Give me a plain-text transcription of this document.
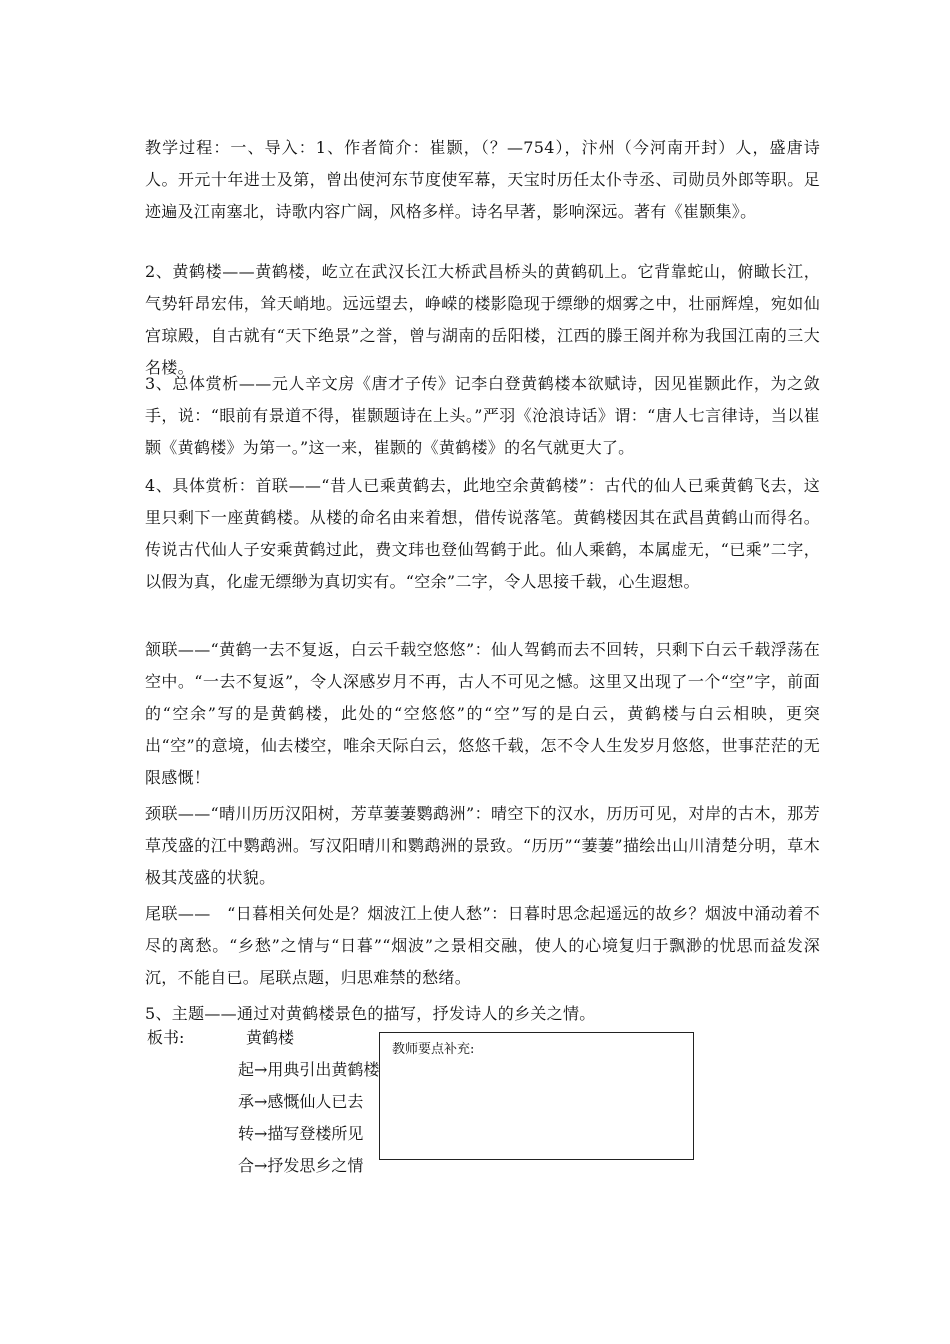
教学过程：一、导入：1、作者简介：崔颢，（？—754），汴州（今河南开封）人，盛唐诗人。开元十年进士及第，曾出使河东节度使军幕，天宝时历任太仆寺丞、司勋员外郎等职。足迹遍及江南塞北，诗歌内容广阔，风格多样。诗名早著，影响深远。著有《崔颢集》。

2、黄鹤楼——黄鹤楼，屹立在武汉长江大桥武昌桥头的黄鹤矶上。它背靠蛇山，俯瞰长江，气势轩昂宏伟，耸天峭地。远远望去，峥嵘的楼影隐现于缥缈的烟雾之中，壮丽辉煌，宛如仙宫琼殿，自古就有“天下绝景”之誉，曾与湖南的岳阳楼，江西的滕王阁并称为我国江南的三大名楼。

3、总体赏析——元人辛文房《唐才子传》记李白登黄鹤楼本欲赋诗，因见崔颢此作，为之敛手，说：“眼前有景道不得，崔颢题诗在上头。”严羽《沧浪诗话》谓：“唐人七言律诗，当以崔颢《黄鹤楼》为第一。”这一来，崔颢的《黄鹤楼》的名气就更大了。

4、具体赏析：首联——“昔人已乘黄鹤去，此地空余黄鹤楼”：古代的仙人已乘黄鹤飞去，这里只剩下一座黄鹤楼。从楼的命名由来着想，借传说落笔。黄鹤楼因其在武昌黄鹤山而得名。传说古代仙人子安乘黄鹤过此，费文玮也登仙驾鹤于此。仙人乘鹤，本属虚无，“已乘”二字，以假为真，化虚无缥缈为真切实有。“空余”二字，令人思接千载，心生遐想。

颔联——“黄鹤一去不复返，白云千载空悠悠”：仙人驾鹤而去不回转，只剩下白云千载浮荡在空中。“一去不复返”，令人深感岁月不再，古人不可见之憾。这里又出现了一个“空”字，前面的“空余”写的是黄鹤楼，此处的“空悠悠”的“空”写的是白云，黄鹤楼与白云相映，更突出“空”的意境，仙去楼空，唯余天际白云，悠悠千载，怎不令人生发岁月悠悠，世事茫茫的无限感慨！

颈联——“晴川历历汉阳树，芳草萋萋鹦鹉洲”：晴空下的汉水，历历可见，对岸的古木，那芳草茂盛的江中鹦鹉洲。写汉阳晴川和鹦鹉洲的景致。“历历”“萋萋”描绘出山川清楚分明，草木极其茂盛的状貌。

尾联——　“日暮相关何处是？烟波江上使人愁”：日暮时思念起遥远的故乡？烟波中涌动着不尽的离愁。“乡愁”之情与“日暮”“烟波”之景相交融，使人的心境复归于飘渺的忧思而益发深沉，不能自已。尾联点题，归思难禁的愁绪。

5、主题——通过对黄鹤楼景色的描写，抒发诗人的乡关之情。

板书:	黄鹤楼

起→用典引出黄鹤楼

承→感慨仙人已去

转→描写登楼所见

合→抒发思乡之情

教师要点补充:
